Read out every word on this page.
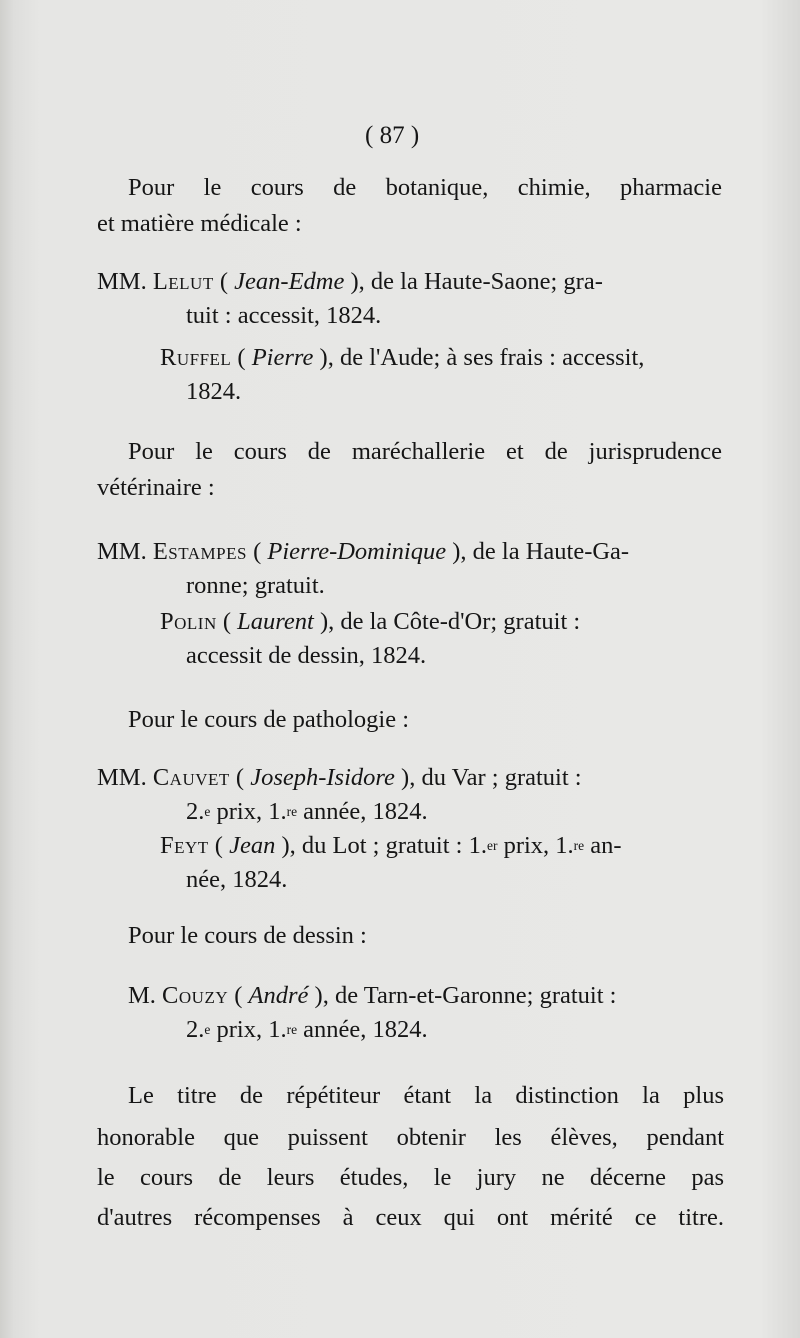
( 87 )
Pour le cours de botanique, chimie, pharmacie
et matière médicale :
MM. Lelut ( Jean-Edme ), de la Haute-Saone; gra-
tuit : accessit, 1824.
Ruffel ( Pierre ), de l'Aude; à ses frais : accessit,
1824.
Pour le cours de maréchallerie et de jurisprudence
vétérinaire :
MM. Estampes ( Pierre-Dominique ), de la Haute-Ga-
ronne; gratuit.
Polin ( Laurent ), de la Côte-d'Or; gratuit :
accessit de dessin, 1824.
Pour le cours de pathologie :
MM. Cauvet ( Joseph-Isidore ), du Var ; gratuit :
2.$^e$ prix, 1.$^{re}$ année, 1824.
Feyt ( Jean ), du Lot ; gratuit : 1.$^{er}$ prix, 1.$^{re}$ an-
née, 1824.
Pour le cours de dessin :
M. Couzy ( André ), de Tarn-et-Garonne; gratuit :
2.$^e$ prix, 1.$^{re}$ année, 1824.
Le titre de répétiteur étant la distinction la plus
honorable que puissent obtenir les élèves, pendant
le cours de leurs études, le jury ne décerne pas
d'autres récompenses à ceux qui ont mérité ce titre.
